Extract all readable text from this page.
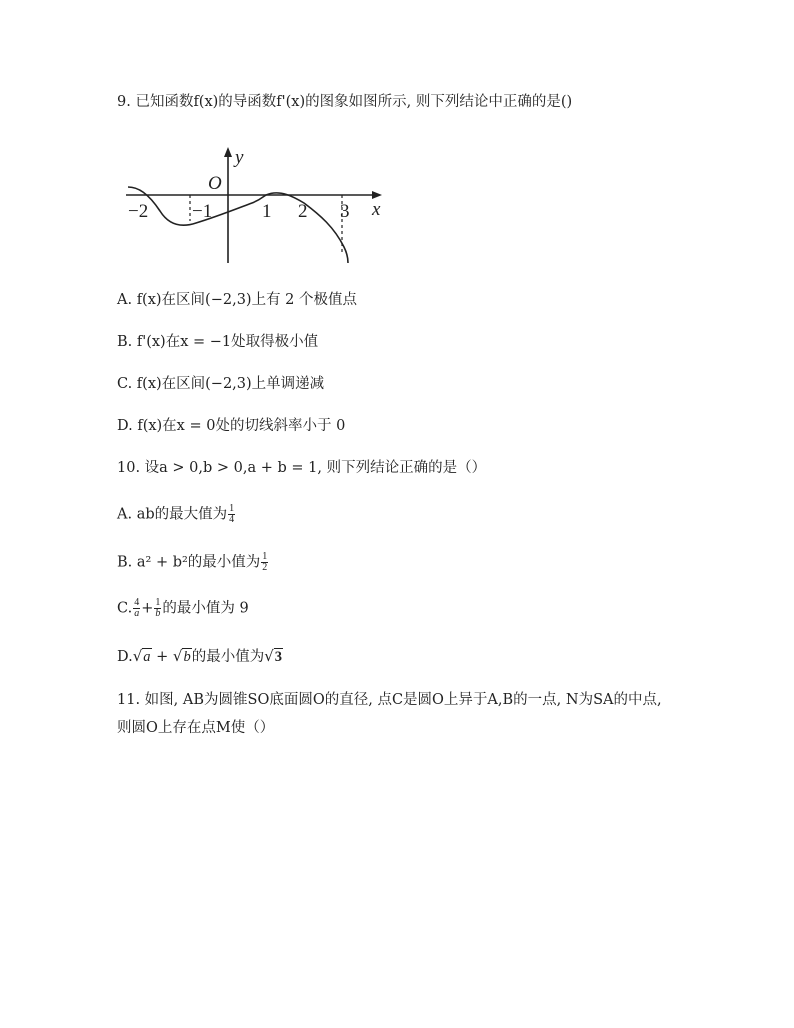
9. 已知函数f(x)的导函数f'(x)的图象如图所示, 则下列结论中正确的是()
y
x
O
−2 −1	1 2 3
A. f(x)在区间(−2,3)上有 2 个极值点
B. f'(x)在x = −1处取得极小值
C. f(x)在区间(−2,3)上单调递减
D. f(x)在x = 0处的切线斜率小于 0
10. 设a > 0,b > 0,a + b = 1, 则下列结论正确的是（）
A. ab的最大值为 $\frac{1}{4}$
B. a² + b²的最小值为 $\frac{1}{2}$
C. $\frac{4}{a} + \frac{1}{b}$ 的最小值为 9
D.√a + √b的最小值为√3
11. 如图, AB为圆锥SO底面圆O的直径, 点C是圆O上异于A,B的一点, N为SA的中点,
则圆O上存在点M使（）
